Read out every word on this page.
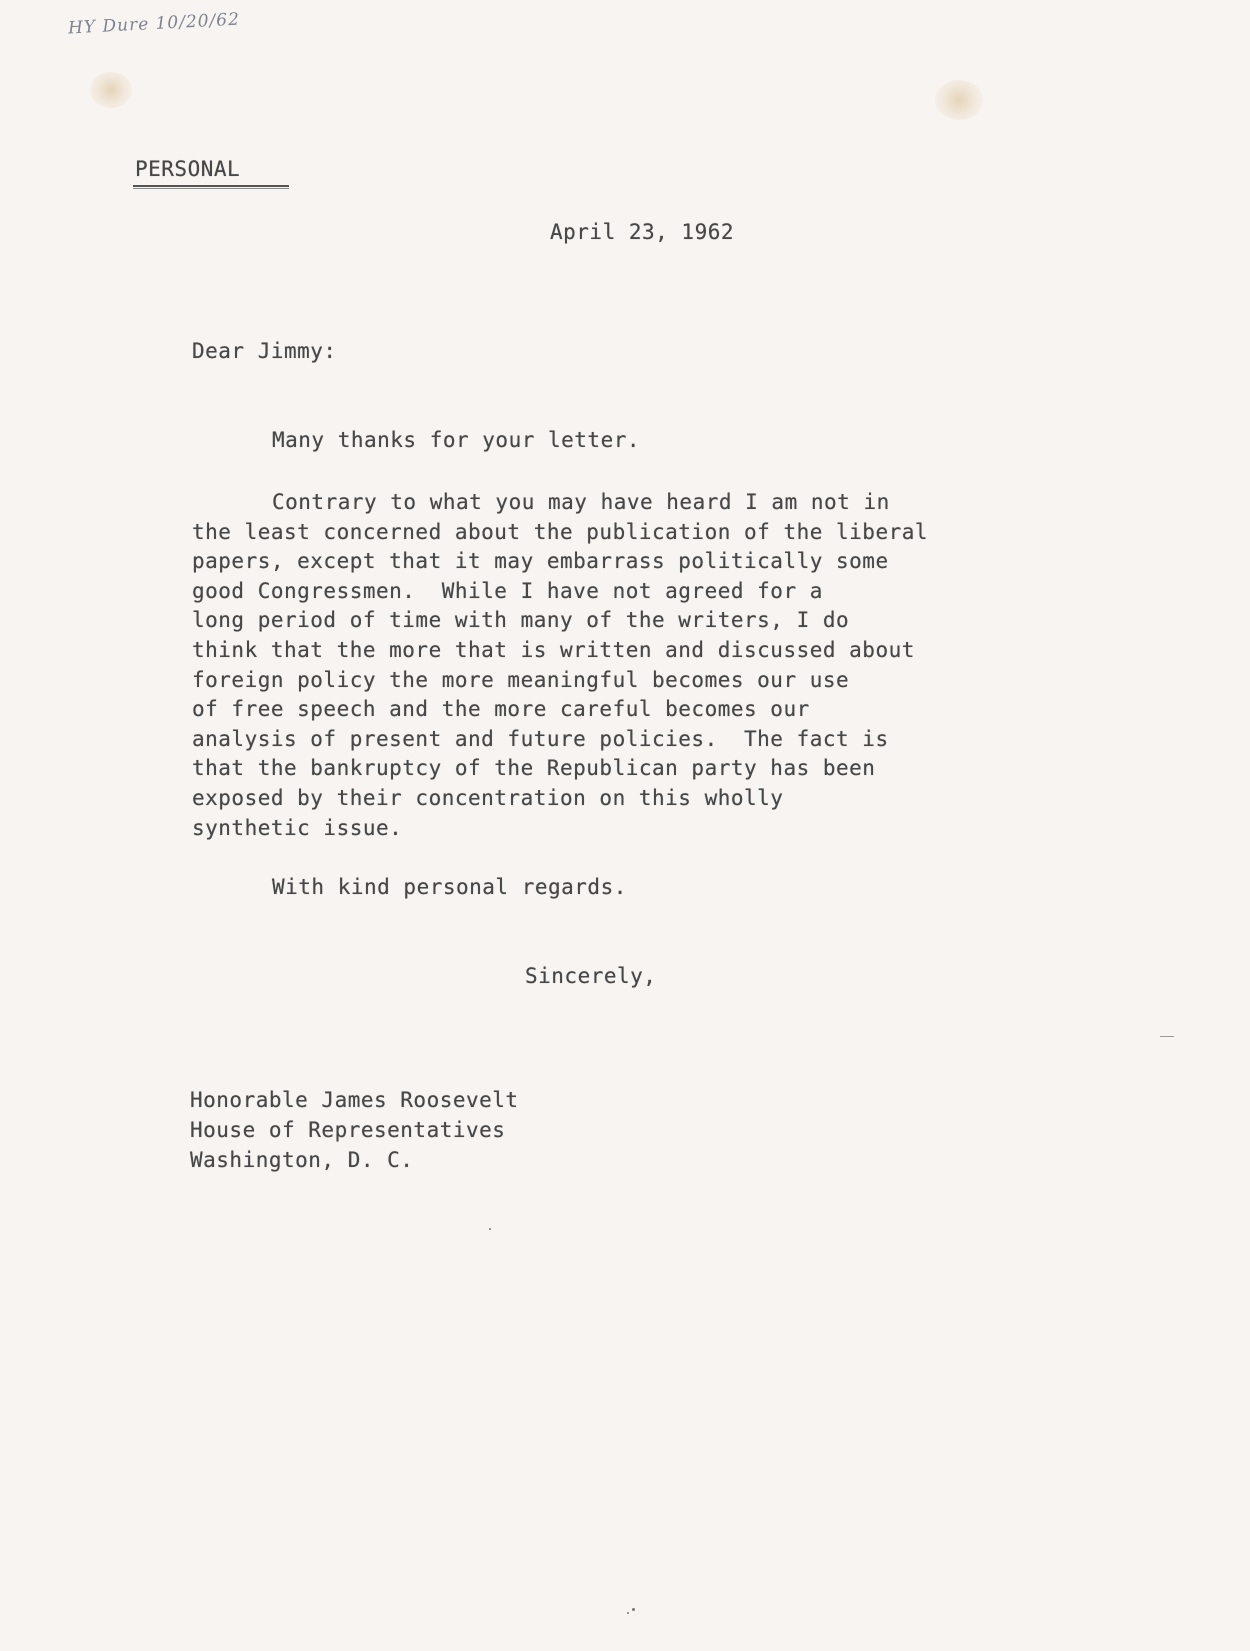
HY Dure 10/20/62
PERSONAL
April 23, 1962
Dear Jimmy:
Many thanks for your letter.
Contrary to what you may have heard I am not in
the least concerned about the publication of the liberal
papers, except that it may embarrass politically some
good Congressmen.  While I have not agreed for a
long period of time with many of the writers, I do
think that the more that is written and discussed about
foreign policy the more meaningful becomes our use
of free speech and the more careful becomes our
analysis of present and future policies.  The fact is
that the bankruptcy of the Republican party has been
exposed by their concentration on this wholly
synthetic issue.
With kind personal regards.
Sincerely,
Honorable James Roosevelt
House of Representatives
Washington, D. C.
